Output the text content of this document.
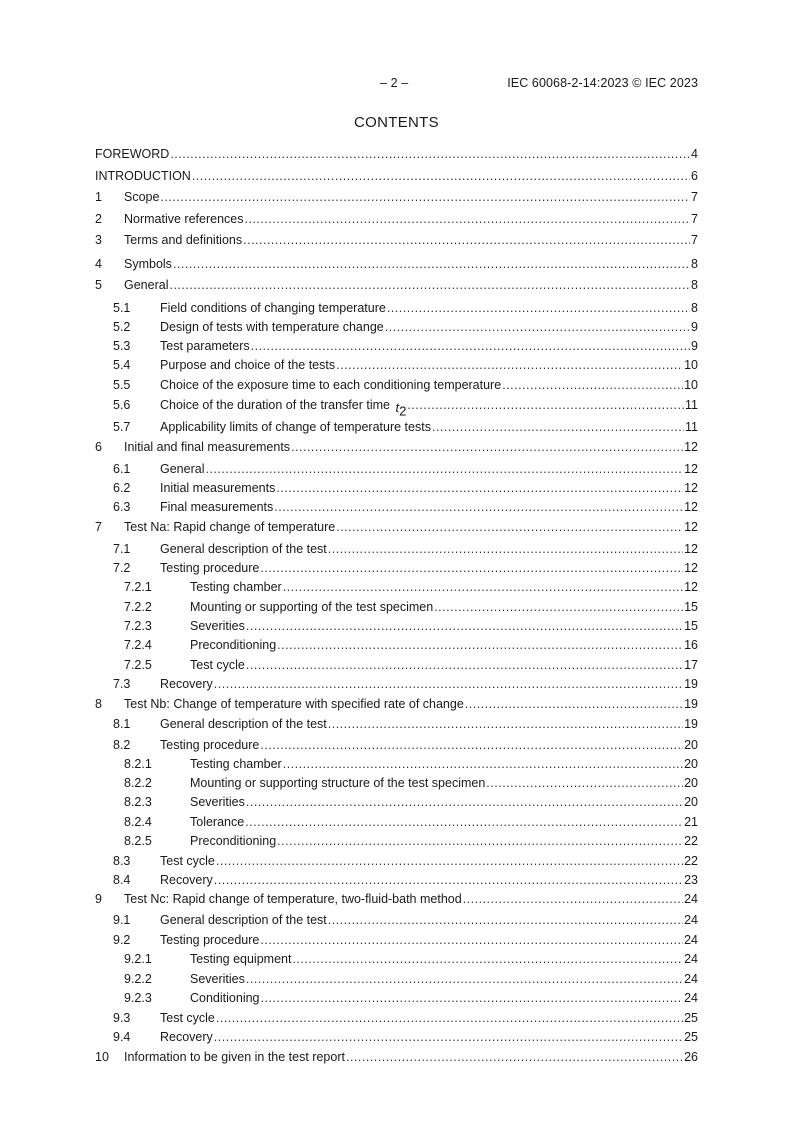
– 2 –	IEC 60068-2-14:2023 © IEC 2023
CONTENTS
FOREWORD .....	4
INTRODUCTION .....	6
1 Scope .....	7
2 Normative references .....	7
3 Terms and definitions .....	7
4 Symbols .....	8
5 General .....	8
5.1 Field conditions of changing temperature .....	8
5.2 Design of tests with temperature change .....	9
5.3 Test parameters .....	9
5.4 Purpose and choice of the tests .....	10
5.5 Choice of the exposure time to each conditioning temperature .....	10
5.6 Choice of the duration of the transfer time $t_2$ .....	11
5.7 Applicability limits of change of temperature tests .....	11
6 Initial and final measurements .....	12
6.1 General .....	12
6.2 Initial measurements .....	12
6.3 Final measurements .....	12
7 Test Na: Rapid change of temperature .....	12
7.1 General description of the test .....	12
7.2 Testing procedure .....	12
7.2.1	Testing chamber .....	12
7.2.2	Mounting or supporting of the test specimen .....	15
7.2.3	Severities .....	15
7.2.4	Preconditioning .....	16
7.2.5	Test cycle .....	17
7.3 Recovery .....	19
8 Test Nb: Change of temperature with specified rate of change .....	19
8.1 General description of the test .....	19
8.2 Testing procedure .....	20
8.2.1	Testing chamber .....	20
8.2.2	Mounting or supporting structure of the test specimen .....	20
8.2.3	Severities .....	20
8.2.4	Tolerance .....	21
8.2.5	Preconditioning .....	22
8.3 Test cycle .....	22
8.4 Recovery .....	23
9 Test Nc: Rapid change of temperature, two-fluid-bath method .....	24
9.1 General description of the test .....	24
9.2 Testing procedure .....	24
9.2.1	Testing equipment .....	24
9.2.2	Severities .....	24
9.2.3	Conditioning .....	24
9.3 Test cycle .....	25
9.4 Recovery .....	25
10 Information to be given in the test report .....	26
